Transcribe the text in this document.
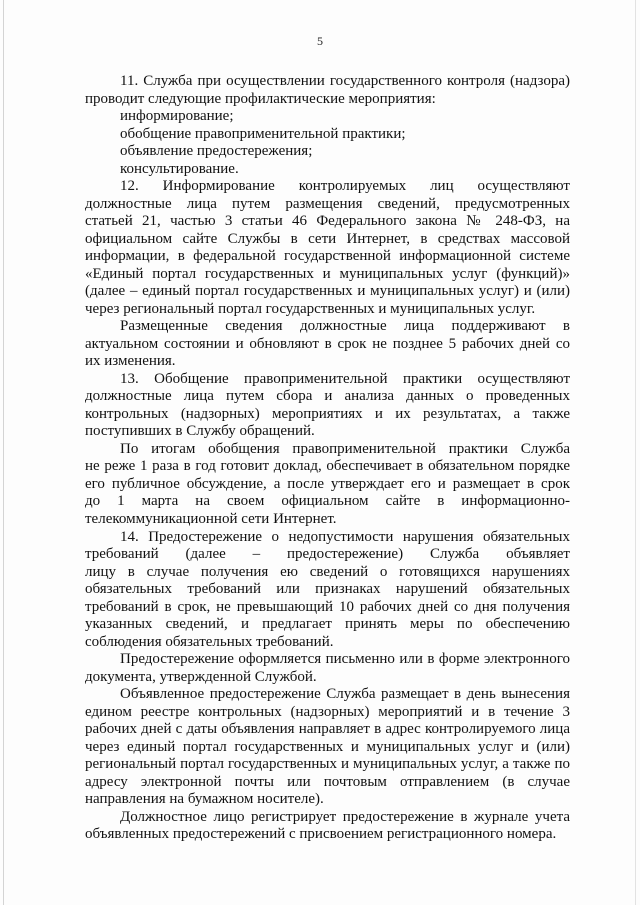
5
11. Служба при осуществлении государственного контроля (надзора)
проводит следующие профилактические мероприятия:
информирование;
обобщение правоприменительной практики;
объявление предостережения;
консультирование.
12. Информирование контролируемых лиц осуществляют
должностные лица путем размещения сведений, предусмотренных
статьей 21, частью 3 статьи 46 Федерального закона № 248-ФЗ, на
официальном сайте Службы в сети Интернет, в средствах массовой
информации, в федеральной государственной информационной системе
«Единый портал государственных и муниципальных услуг (функций)»
(далее – единый портал государственных и муниципальных услуг) и (или)
через региональный портал государственных и муниципальных услуг.
Размещенные сведения должностные лица поддерживают в
актуальном состоянии и обновляют в срок не позднее 5 рабочих дней со
их изменения.
13. Обобщение правоприменительной практики осуществляют
должностные лица путем сбора и анализа данных о проведенных
контрольных (надзорных) мероприятиях и их результатах, а также
поступивших в Службу обращений.
По итогам обобщения правоприменительной практики Служба
не реже 1 раза в год готовит доклад, обеспечивает в обязательном порядке
его публичное обсуждение, а после утверждает его и размещает в срок
до 1 марта на своем официальном сайте в информационно-
телекоммуникационной сети Интернет.
14. Предостережение о недопустимости нарушения обязательных
требований (далее – предостережение) Служба объявляет
лицу в случае получения ею сведений о готовящихся нарушениях
обязательных требований или признаках нарушений обязательных
требований в срок, не превышающий 10 рабочих дней со дня получения
указанных сведений, и предлагает принять меры по обеспечению
соблюдения обязательных требований.
Предостережение оформляется письменно или в форме электронного
документа, утвержденной Службой.
Объявленное предостережение Служба размещает в день вынесения
едином реестре контрольных (надзорных) мероприятий и в течение 3
рабочих дней с даты объявления направляет в адрес контролируемого лица
через единый портал государственных и муниципальных услуг и (или)
региональный портал государственных и муниципальных услуг, а также по
адресу электронной почты или почтовым отправлением (в случае
направления на бумажном носителе).
Должностное лицо регистрирует предостережение в журнале учета
объявленных предостережений с присвоением регистрационного номера.
